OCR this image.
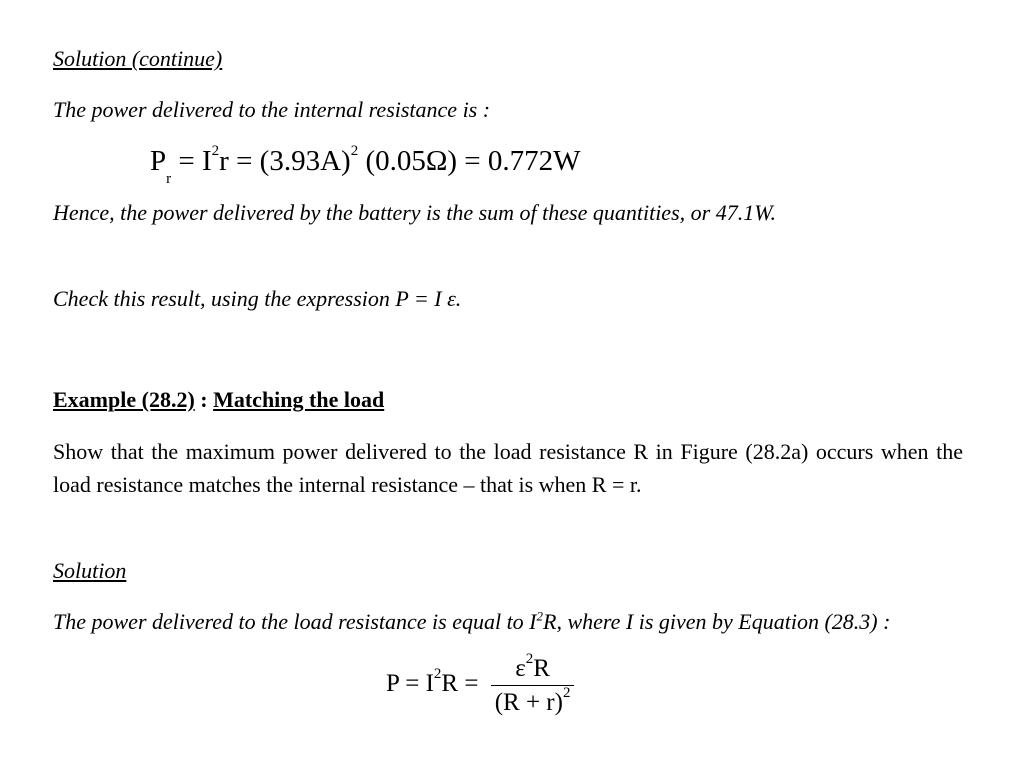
Solution (continue)

The power delivered to the internal resistance is :

$P_r = I^2r = (3.93A)^2$ (0.05Ω) = 0.772W

Hence, the power delivered by the battery is the sum of these quantities, or 47.1W.

Check this result, using the expression P = I ε.

Example (28.2) : Matching the load

Show that the maximum power delivered to the load resistance R in Figure (28.2a) occurs when the load resistance matches the internal resistance – that is when R = r.

Solution

The power delivered to the load resistance is equal to $I^2R$, where I is given by Equation (28.3) :

$P = I^2R = \frac{\varepsilon^2R}{(R + r)^2}$
